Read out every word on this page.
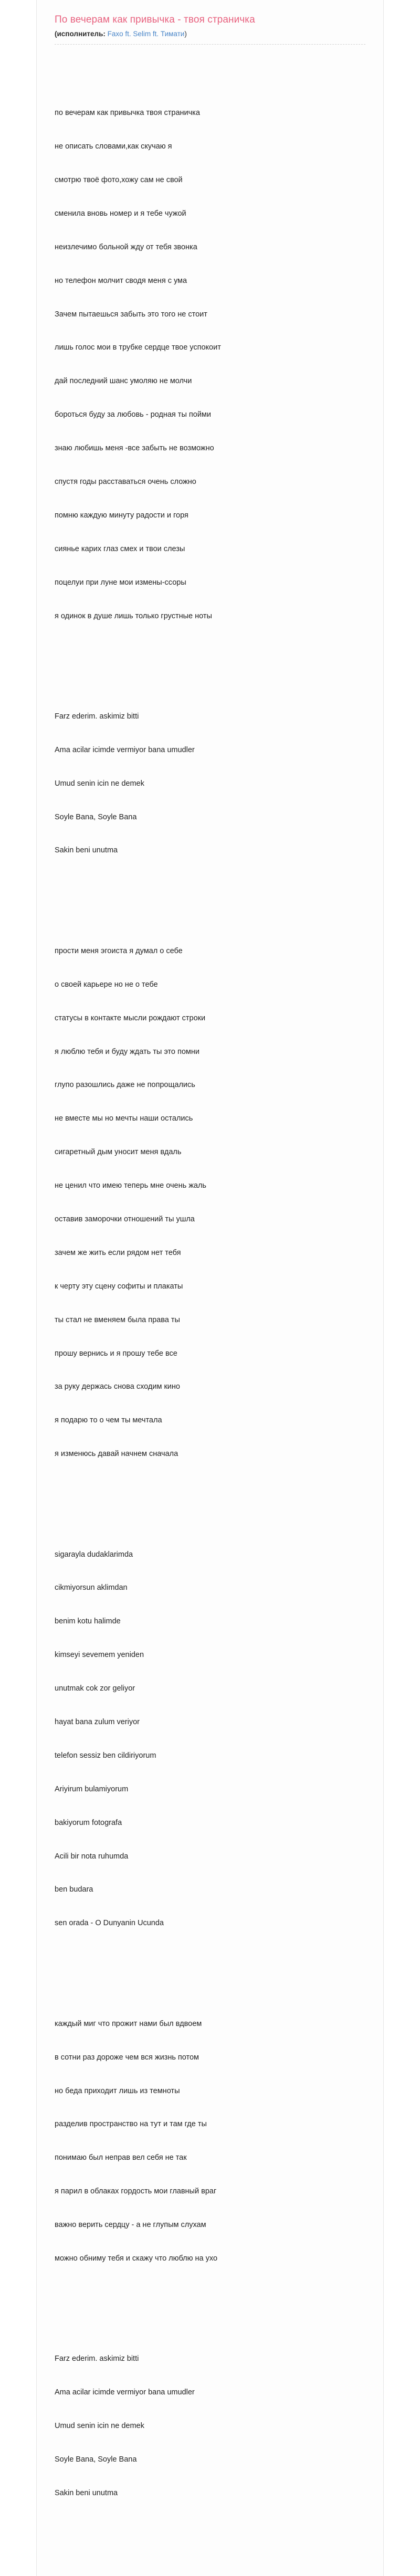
По вечерам как привычка - твоя страничка
(исполнитель: Faxo ft. Selim ft. Тимати)

по вечерам как привычка твоя страничка

не описать словами,как скучаю я

смотрю твоё фото,хожу сам не свой

сменила вновь номер и я тебе чужой

неизлечимо больной жду от тебя звонка

но телефон молчит сводя меня с ума

Зачем пытаешься забыть это того не стоит

лишь голос мои в трубке сердце твое успокоит

дай последний шанс умоляю не молчи

бороться буду за любовь - родная ты пойми

знаю любишь меня -все забыть не возможно

спустя годы расставаться очень сложно

помню каждую минуту радости и горя

сиянье карих глаз смех и твои слезы

поцелуи при луне мои измены-ссоры

я одинок в душе лишь только грустные ноты

Farz ederim. askimiz bitti

Ama acilar icimde vermiyor bana umudler

Umud senin icin ne demek

Soyle Bana, Soyle Bana

Sakin beni unutma

прости меня эгоиста я думал о себе

о своей карьере но не о тебе

статусы в контакте мысли рождают строки

я люблю тебя и буду ждать ты это помни

глупо разошлись даже не попрощались

не вместе мы но мечты наши остались

сигаретный дым уносит меня вдаль

не ценил что имею теперь мне очень жаль

оставив заморочки отношений ты ушла

зачем же жить если рядом нет тебя

к черту эту сцену софиты и плакаты

ты стал не вменяем была права ты

прошу вернись и я прошу тебе все

за руку держась снова сходим кино

я подарю то о чем ты мечтала

я изменюсь давай начнем сначала

sigarayla dudaklarimda

cikmiyorsun aklimdan

benim kotu halimde

kimseyi sevemem yeniden

unutmak cok zor geliyor

hayat bana zulum veriyor

telefon sessiz ben cildiriyorum

Ariyirum bulamiyorum

bakiyorum fotografa

Acili bir nota ruhumda

ben budara

sen orada - O Dunyanin Ucunda

каждый миг что прожит нами был вдвоем

в сотни раз дороже чем вся жизнь потом

но беда приходит лишь из темноты

разделив пространство на тут и там где ты

понимаю был неправ вел себя не так

я парил в облаках гордость мои главный враг

важно верить сердцу - а не глупым слухам

можно обниму тебя и скажу что люблю на ухо

Farz ederim. askimiz bitti

Ama acilar icimde vermiyor bana umudler

Umud senin icin ne demek

Soyle Bana, Soyle Bana

Sakin beni unutma
